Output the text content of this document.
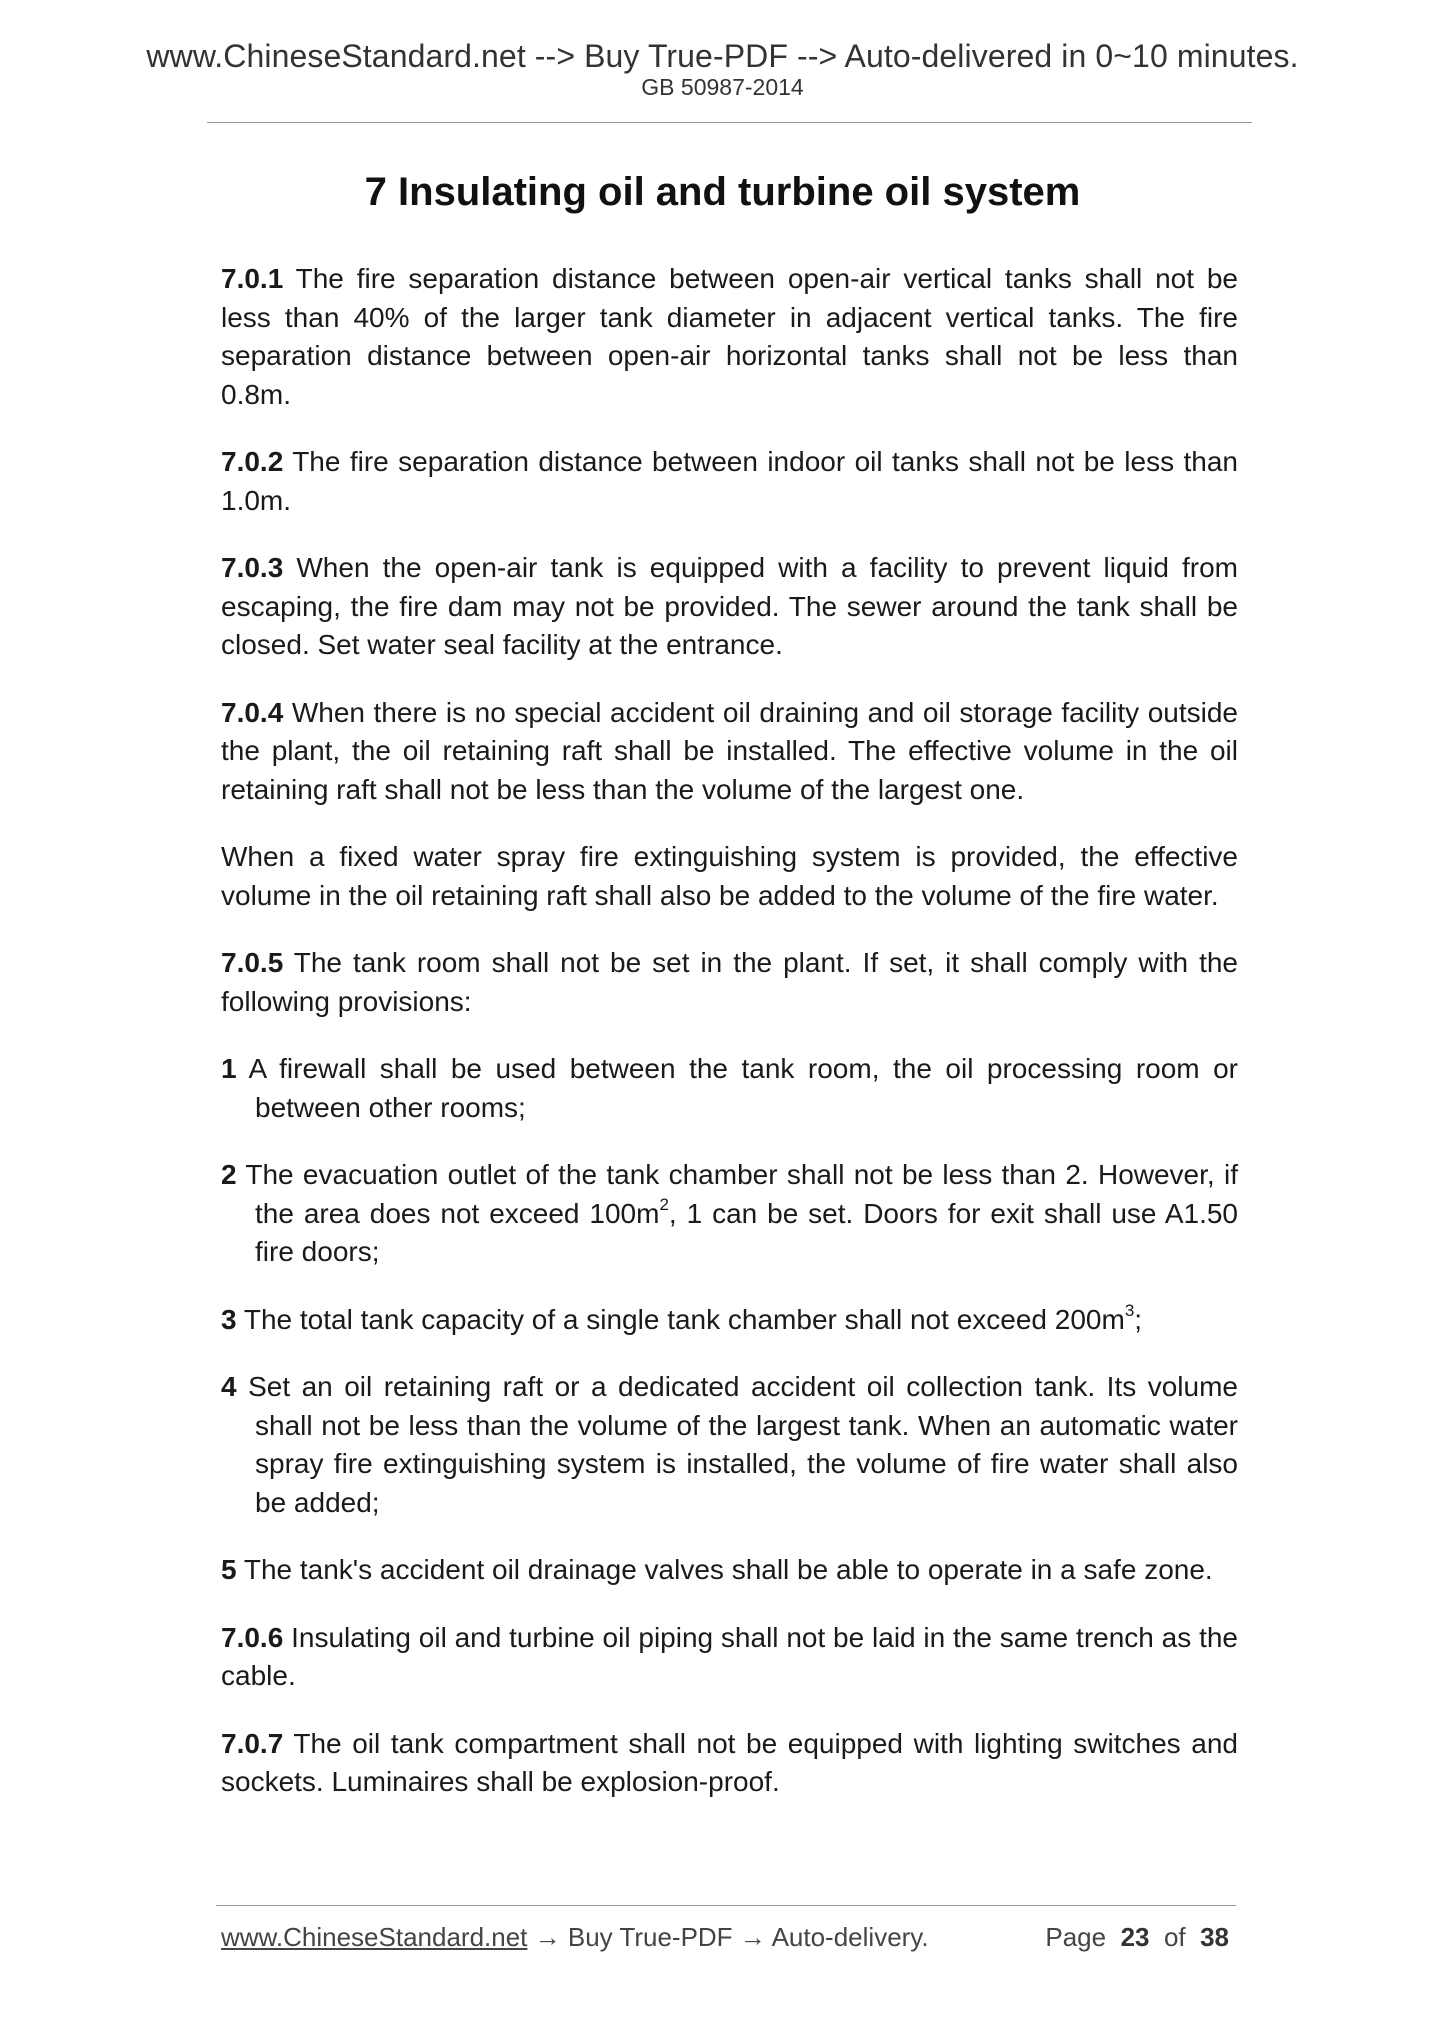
www.ChineseStandard.net --> Buy True-PDF --> Auto-delivered in 0~10 minutes.
GB 50987-2014
7 Insulating oil and turbine oil system

7.0.1 The fire separation distance between open-air vertical tanks shall not be less than 40% of the larger tank diameter in adjacent vertical tanks. The fire separation distance between open-air horizontal tanks shall not be less than 0.8m.

7.0.2 The fire separation distance between indoor oil tanks shall not be less than 1.0m.

7.0.3 When the open-air tank is equipped with a facility to prevent liquid from escaping, the fire dam may not be provided. The sewer around the tank shall be closed. Set water seal facility at the entrance.

7.0.4 When there is no special accident oil draining and oil storage facility outside the plant, the oil retaining raft shall be installed. The effective volume in the oil retaining raft shall not be less than the volume of the largest one.

When a fixed water spray fire extinguishing system is provided, the effective volume in the oil retaining raft shall also be added to the volume of the fire water.

7.0.5 The tank room shall not be set in the plant. If set, it shall comply with the following provisions:

1 A firewall shall be used between the tank room, the oil processing room or between other rooms;

2 The evacuation outlet of the tank chamber shall not be less than 2. However, if the area does not exceed $100m^2$, 1 can be set. Doors for exit shall use A1.50 fire doors;

3 The total tank capacity of a single tank chamber shall not exceed $200m^3$;

4 Set an oil retaining raft or a dedicated accident oil collection tank. Its volume shall not be less than the volume of the largest tank. When an automatic water spray fire extinguishing system is installed, the volume of fire water shall also be added;

5 The tank's accident oil drainage valves shall be able to operate in a safe zone.

7.0.6 Insulating oil and turbine oil piping shall not be laid in the same trench as the cable.

7.0.7 The oil tank compartment shall not be equipped with lighting switches and sockets. Luminaires shall be explosion-proof.

www.ChineseStandard.net → Buy True-PDF → Auto-delivery.	Page 23 of 38
